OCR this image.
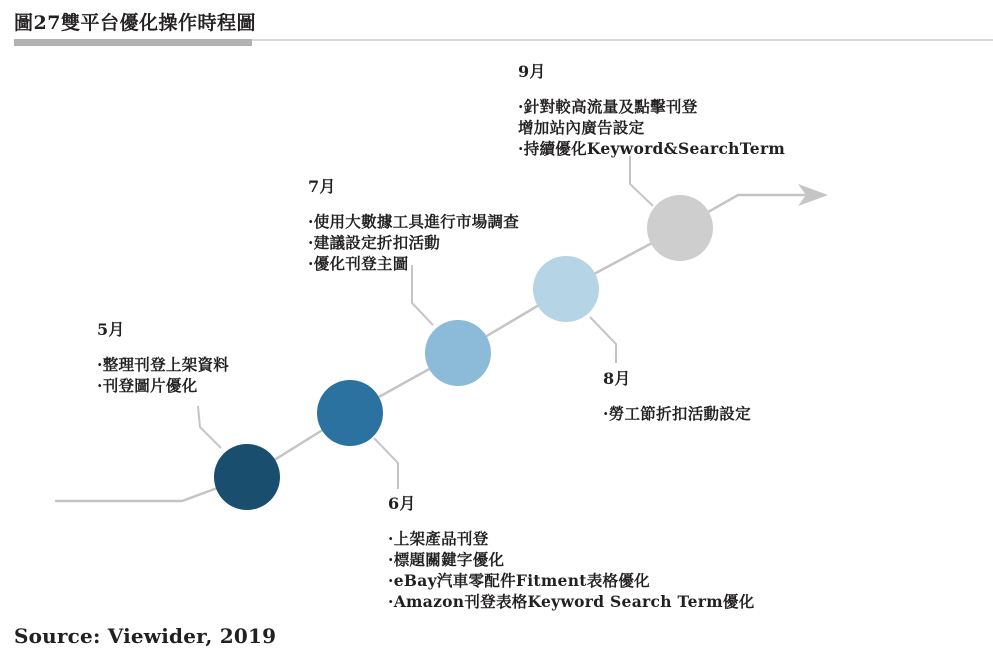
圖27雙平台優化操作時程圖
9月
·針對較高流量及點擊刊登
增加站內廣告設定
·持續優化Keyword&SearchTerm
7月
·使用大數據工具進行市場調查
·建議設定折扣活動
·優化刊登主圖
5月
·整理刊登上架資料
·刊登圖片優化	8月
·勞工節折扣活動設定
6月
·上架產品刊登
·標題關鍵字優化
·eBay汽車零配件Fitment表格優化
·Amazon刊登表格Keyword Search Term優化
Source: Viewider, 2019
